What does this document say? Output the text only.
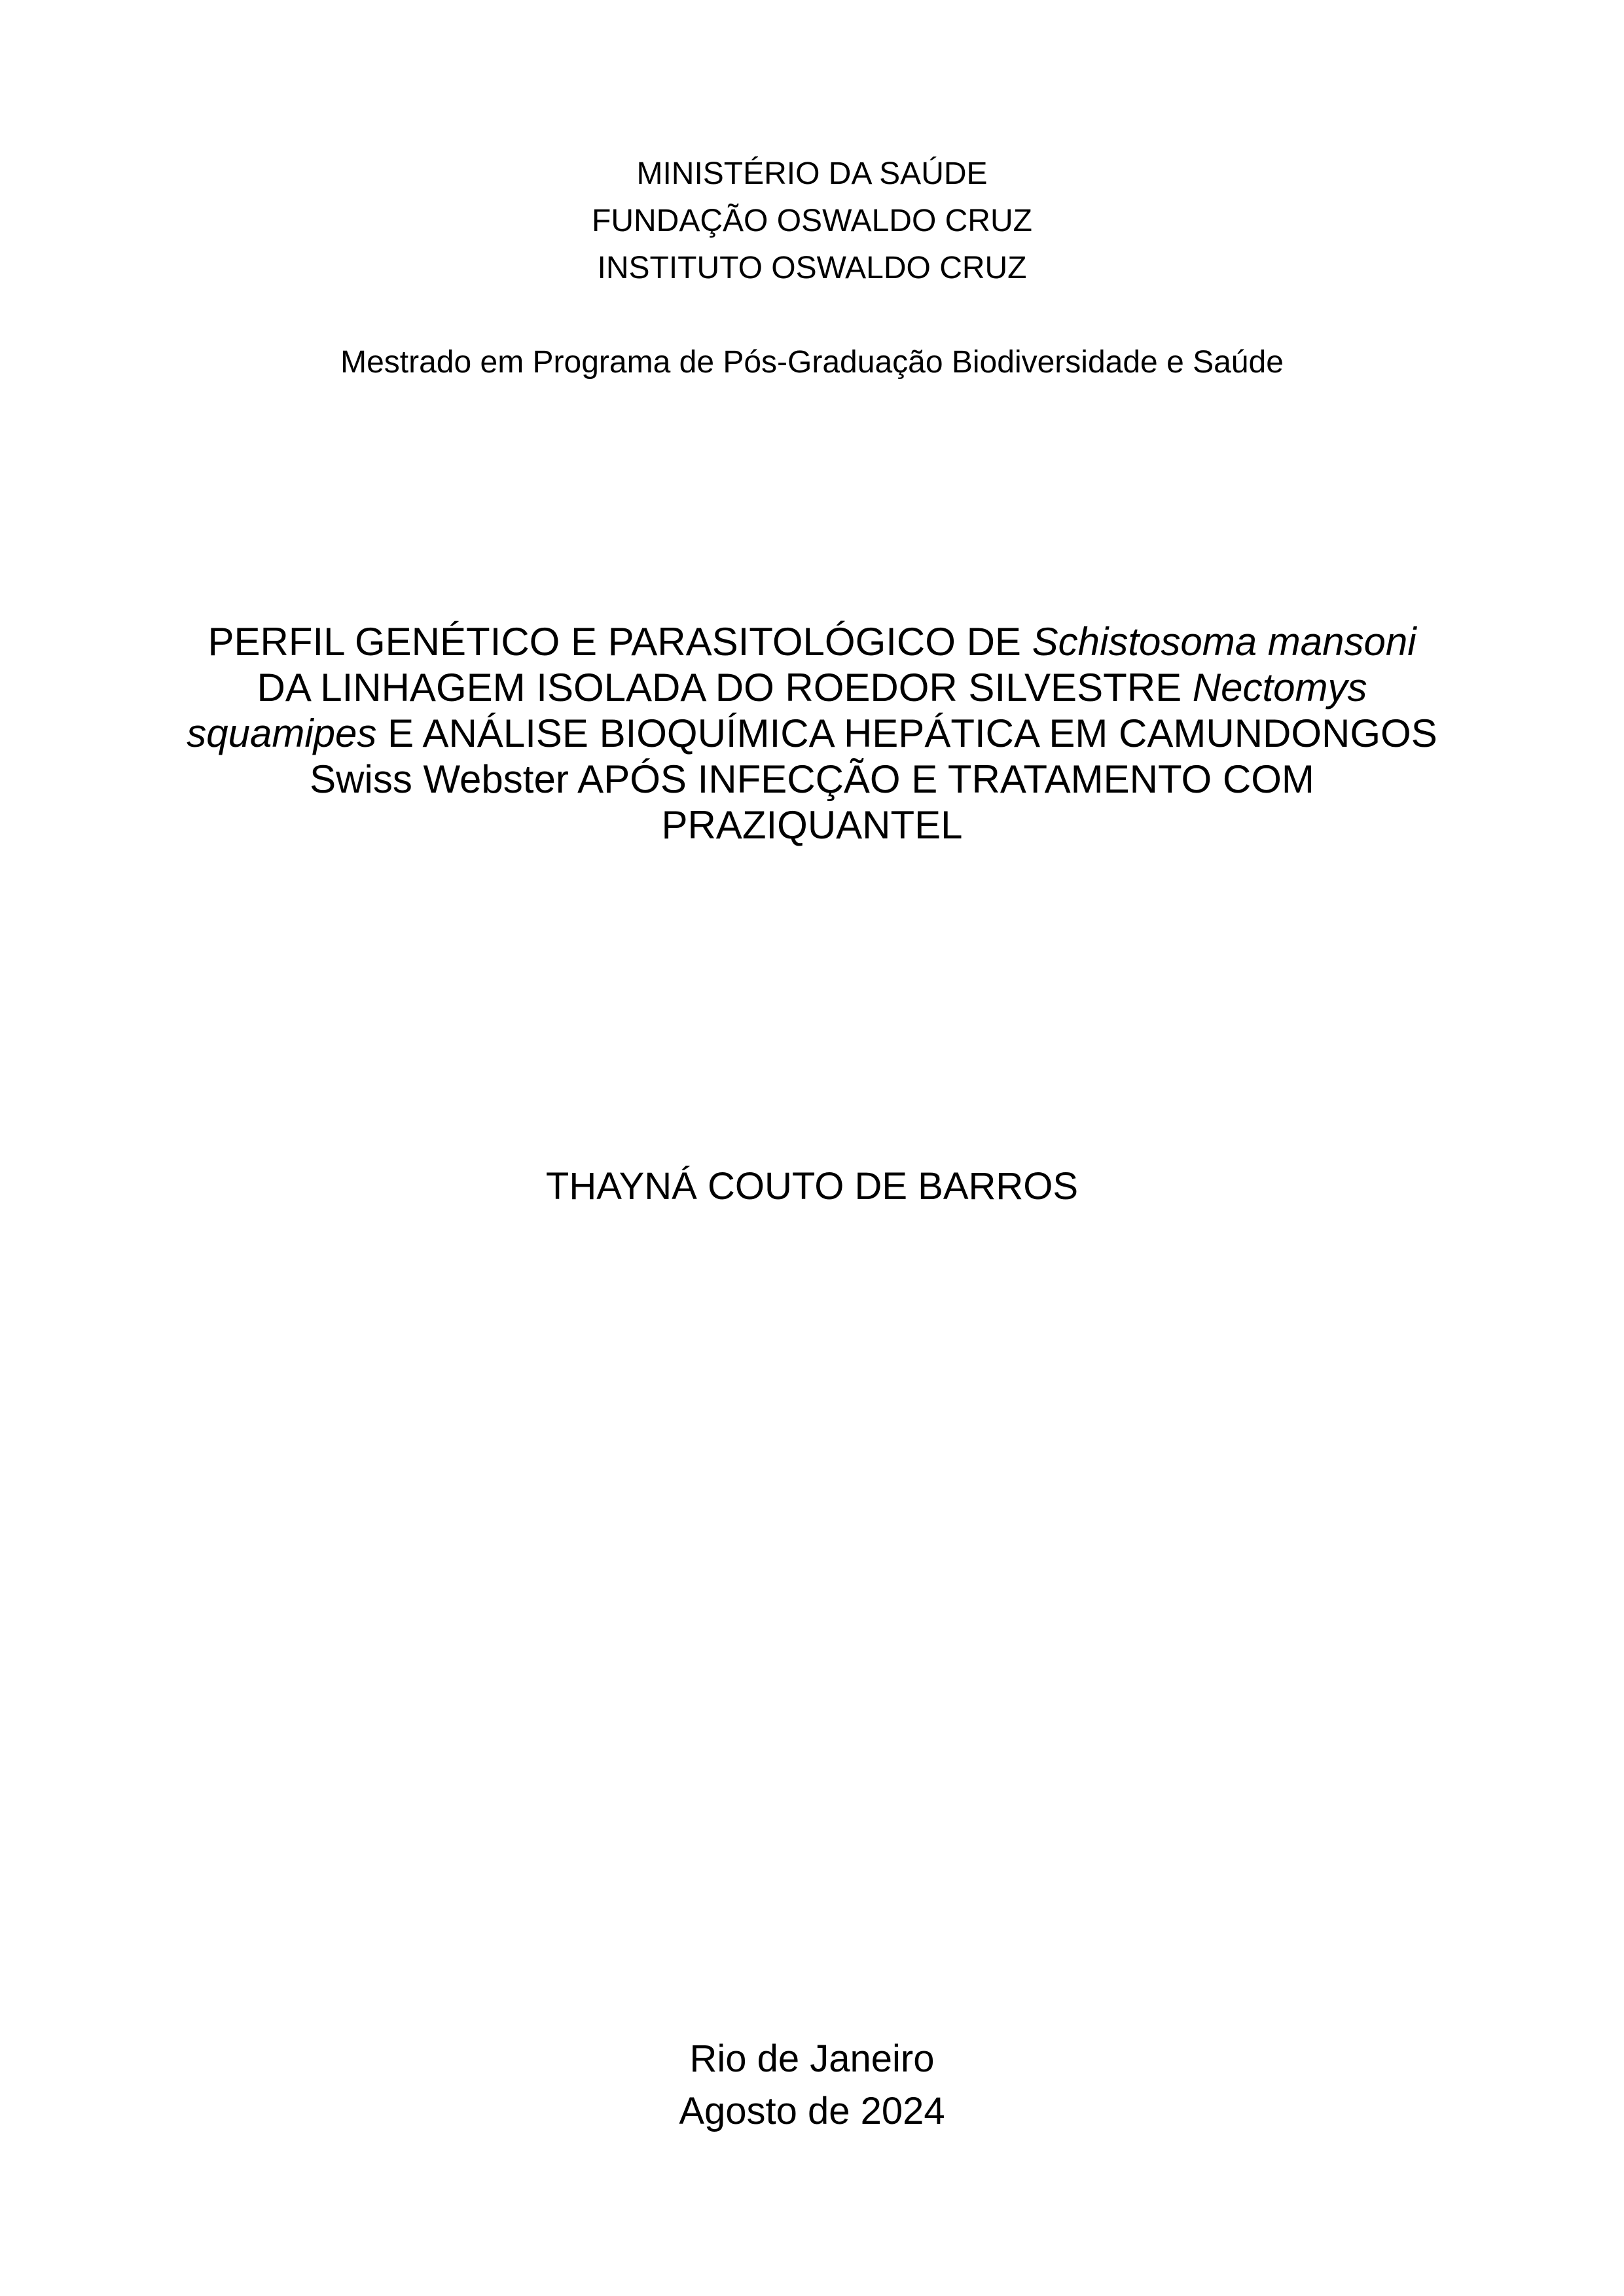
MINISTÉRIO DA SAÚDE
FUNDAÇÃO OSWALDO CRUZ
INSTITUTO OSWALDO CRUZ

Mestrado em Programa de Pós-Graduação Biodiversidade e Saúde

PERFIL GENÉTICO E PARASITOLÓGICO DE Schistosoma mansoni
DA LINHAGEM ISOLADA DO ROEDOR SILVESTRE Nectomys
squamipes E ANÁLISE BIOQUÍMICA HEPÁTICA EM CAMUNDONGOS
Swiss Webster APÓS INFECÇÃO E TRATAMENTO COM
PRAZIQUANTEL

THAYNÁ COUTO DE BARROS

Rio de Janeiro
Agosto de 2024
